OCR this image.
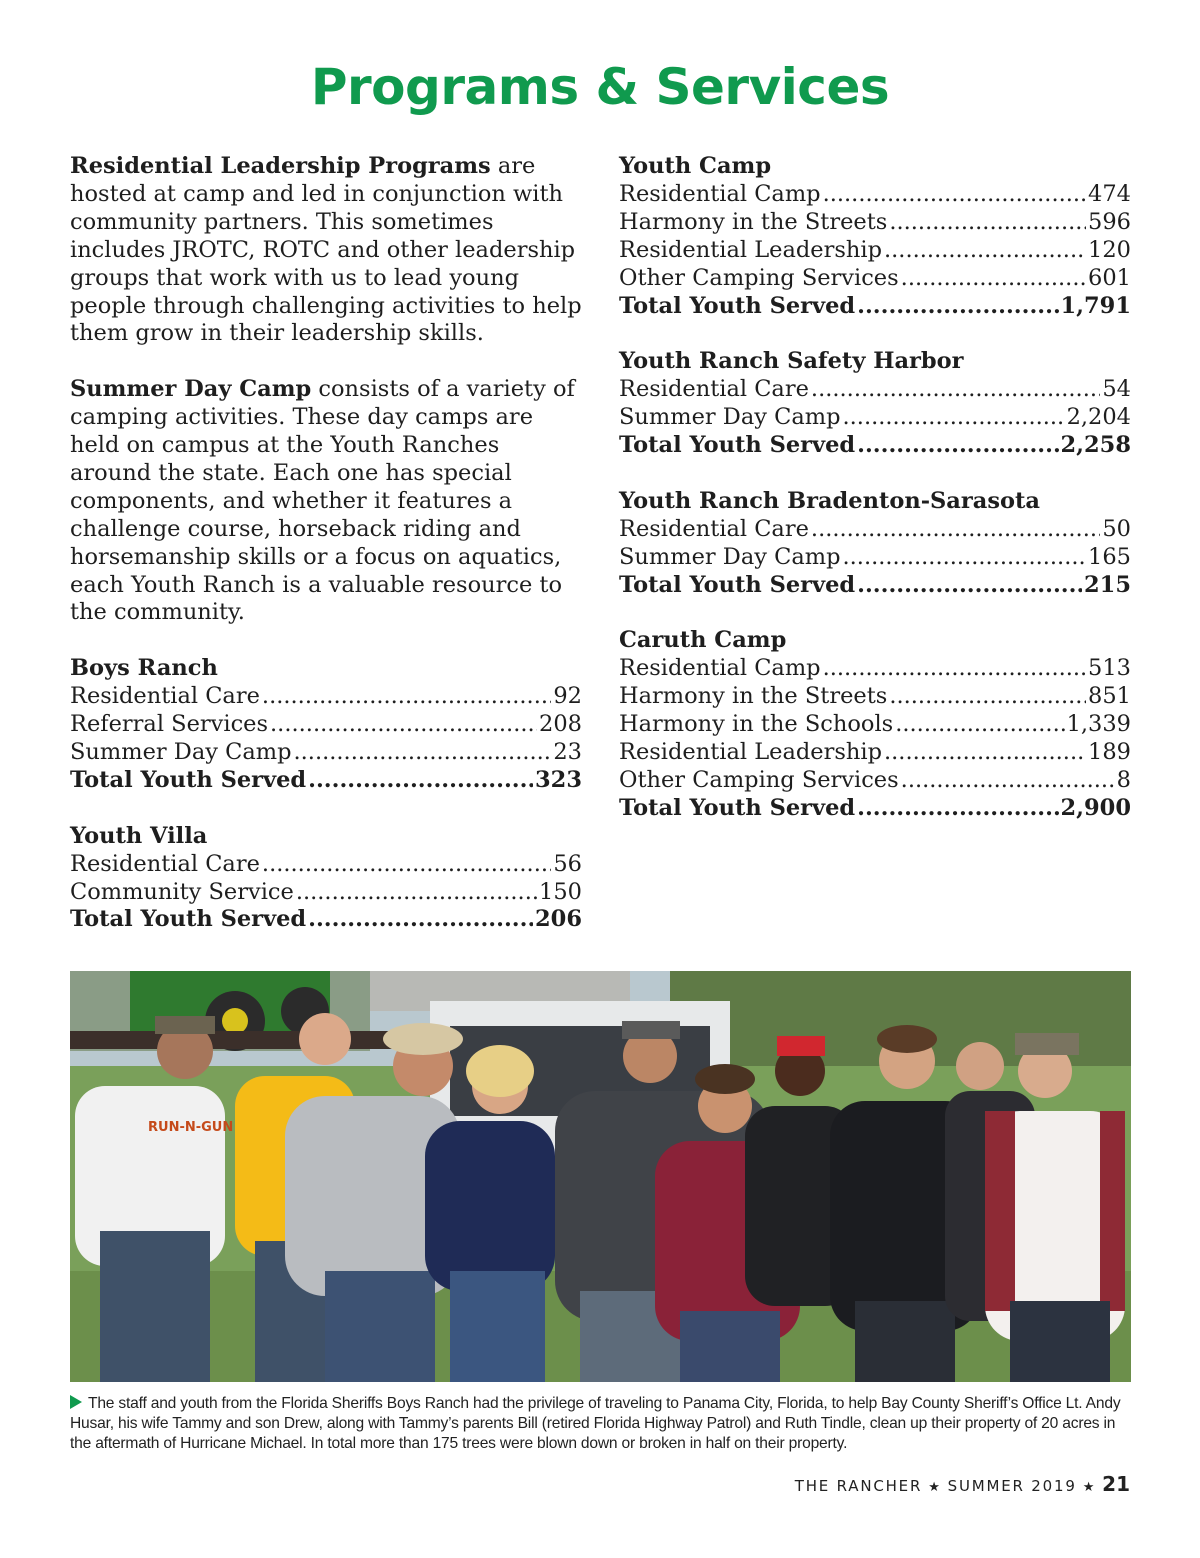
Programs & Services

Residential Leadership Programs are hosted at camp and led in conjunction with community partners. This sometimes includes JROTC, ROTC and other leadership groups that work with us to lead young people through challenging activities to help them grow in their leadership skills.

Summer Day Camp consists of a variety of camping activities. These day camps are held on campus at the Youth Ranches around the state. Each one has special components, and whether it features a challenge course, horseback riding and horsemanship skills or a focus on aquatics, each Youth Ranch is a valuable resource to the community.

Boys Ranch
Residential Care .....	92
Referral Services .....	208
Summer Day Camp .....	23
Total Youth Served .....	323
Youth Villa
Residential Care .....	56
Community Service .....	150
Total Youth Served .....	206
Youth Camp
Residential Camp .....	474
Harmony in the Streets .....	596
Residential Leadership .....	120
Other Camping Services .....	601
Total Youth Served .....	1,791
Youth Ranch Safety Harbor
Residential Care .....	54
Summer Day Camp .....	2,204
Total Youth Served .....	2,258
Youth Ranch Bradenton-Sarasota
Residential Care .....	50
Summer Day Camp .....	165
Total Youth Served .....	215
Caruth Camp
Residential Camp .....	513
Harmony in the Streets .....	851
Harmony in the Schools .....	1,339
Residential Leadership .....	189
Other Camping Services .....	8
Total Youth Served .....	2,900
RUN-N-GUN

The staff and youth from the Florida Sheriffs Boys Ranch had the privilege of traveling to Panama City, Florida, to help Bay County Sheriff’s Office Lt. Andy Husar, his wife Tammy and son Drew, along with Tammy’s parents Bill (retired Florida Highway Patrol) and Ruth Tindle, clean up their property of 20 acres in the aftermath of Hurricane Michael. In total more than 175 trees were blown down or broken in half on their property.

THE RANCHER ★ SUMMER 2019 ★ 21
